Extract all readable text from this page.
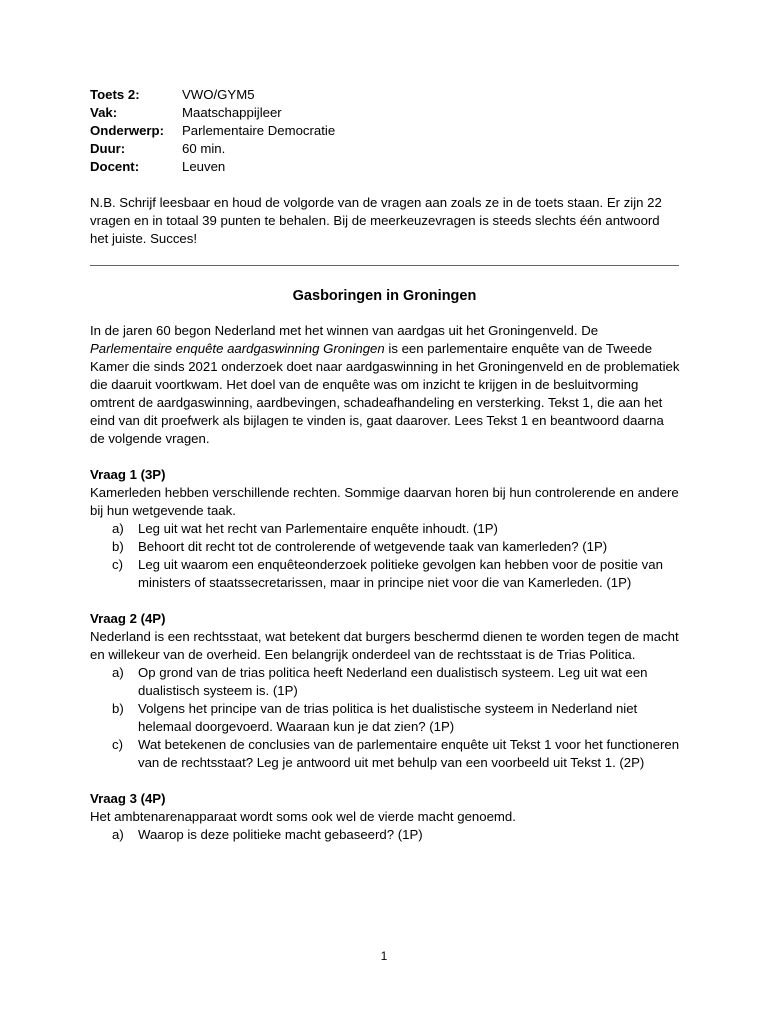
Toets 2:	VWO/GYM5
Vak:	Maatschappijleer
Onderwerp:	Parlementaire Democratie
Duur:	60 min.
Docent:	Leuven

N.B. Schrijf leesbaar en houd de volgorde van de vragen aan zoals ze in de toets staan. Er zijn 22 vragen en in totaal 39 punten te behalen. Bij de meerkeuzevragen is steeds slechts één antwoord het juiste. Succes!

Gasboringen in Groningen

In de jaren 60 begon Nederland met het winnen van aardgas uit het Groningenveld. De Parlementaire enquête aardgaswinning Groningen is een parlementaire enquête van de Tweede Kamer die sinds 2021 onderzoek doet naar aardgaswinning in het Groningenveld en de problematiek die daaruit voortkwam. Het doel van de enquête was om inzicht te krijgen in de besluitvorming omtrent de aardgaswinning, aardbevingen, schadeafhandeling en versterking. Tekst 1, die aan het eind van dit proefwerk als bijlagen te vinden is, gaat daarover. Lees Tekst 1 en beantwoord daarna de volgende vragen.

Vraag 1 (3P)
Kamerleden hebben verschillende rechten. Sommige daarvan horen bij hun controlerende en andere bij hun wetgevende taak.
a)	Leg uit wat het recht van Parlementaire enquête inhoudt. (1P)
b)	Behoort dit recht tot de controlerende of wetgevende taak van kamerleden? (1P)
c)	Leg uit waarom een enquêteonderzoek politieke gevolgen kan hebben voor de positie van ministers of staatssecretarissen, maar in principe niet voor die van Kamerleden. (1P)
Vraag 2 (4P)
Nederland is een rechtsstaat, wat betekent dat burgers beschermd dienen te worden tegen de macht en willekeur van de overheid. Een belangrijk onderdeel van de rechtsstaat is de Trias Politica.
a)	Op grond van de trias politica heeft Nederland een dualistisch systeem. Leg uit wat een dualistisch systeem is. (1P)
b)	Volgens het principe van de trias politica is het dualistische systeem in Nederland niet helemaal doorgevoerd. Waaraan kun je dat zien? (1P)
c)	Wat betekenen de conclusies van de parlementaire enquête uit Tekst 1 voor het functioneren van de rechtsstaat? Leg je antwoord uit met behulp van een voorbeeld uit Tekst 1. (2P)
Vraag 3 (4P)
Het ambtenarenapparaat wordt soms ook wel de vierde macht genoemd.
a)	Waarop is deze politieke macht gebaseerd? (1P)
1
